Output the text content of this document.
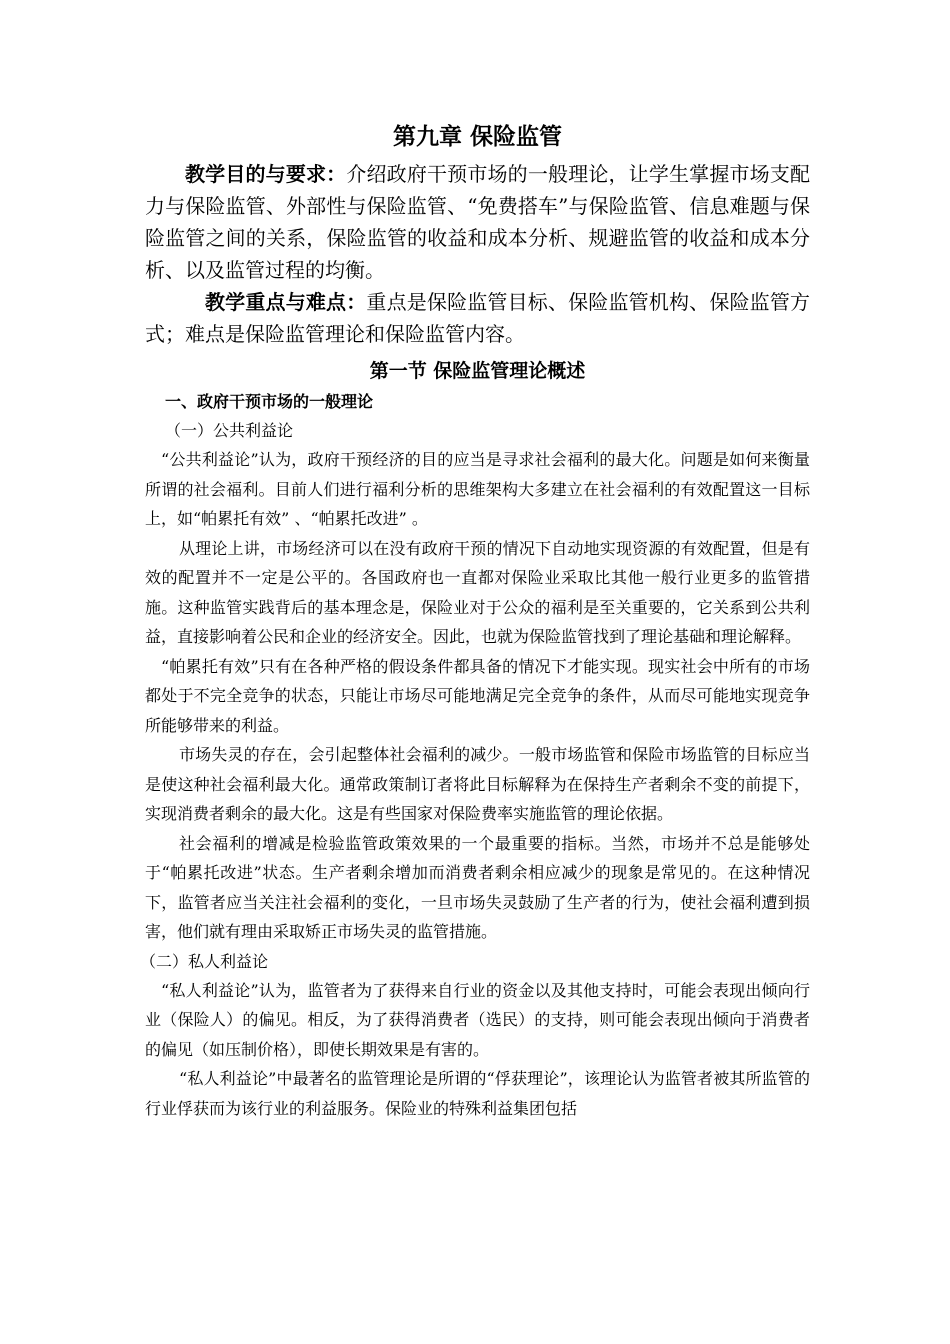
第九章 保险监管

教学目的与要求：介绍政府干预市场的一般理论，让学生掌握市场支配力与保险监管、外部性与保险监管、“免费搭车”与保险监管、信息难题与保险监管之间的关系，保险监管的收益和成本分析、规避监管的收益和成本分析、以及监管过程的均衡。

教学重点与难点：重点是保险监管目标、保险监管机构、保险监管方式；难点是保险监管理论和保险监管内容。

第一节 保险监管理论概述
一、政府干预市场的一般理论
（一）公共利益论

“公共利益论”认为，政府干预经济的目的应当是寻求社会福利的最大化。问题是如何来衡量所谓的社会福利。目前人们进行福利分析的思维架构大多建立在社会福利的有效配置这一目标上，如“帕累托有效” 、“帕累托改进” 。

从理论上讲，市场经济可以在没有政府干预的情况下自动地实现资源的有效配置，但是有效的配置并不一定是公平的。各国政府也一直都对保险业采取比其他一般行业更多的监管措施。这种监管实践背后的基本理念是，保险业对于公众的福利是至关重要的，它关系到公共利益，直接影响着公民和企业的经济安全。因此，也就为保险监管找到了理论基础和理论解释。

“帕累托有效”只有在各种严格的假设条件都具备的情况下才能实现。现实社会中所有的市场都处于不完全竞争的状态，只能让市场尽可能地满足完全竞争的条件，从而尽可能地实现竞争所能够带来的利益。

市场失灵的存在，会引起整体社会福利的减少。一般市场监管和保险市场监管的目标应当是使这种社会福利最大化。通常政策制订者将此目标解释为在保持生产者剩余不变的前提下，实现消费者剩余的最大化。这是有些国家对保险费率实施监管的理论依据。

社会福利的增减是检验监管政策效果的一个最重要的指标。当然，市场并不总是能够处于“帕累托改进”状态。生产者剩余增加而消费者剩余相应减少的现象是常见的。在这种情况下，监管者应当关注社会福利的变化，一旦市场失灵鼓励了生产者的行为，使社会福利遭到损害，他们就有理由采取矫正市场失灵的监管措施。

（二）私人利益论

“私人利益论”认为，监管者为了获得来自行业的资金以及其他支持时，可能会表现出倾向行业（保险人）的偏见。相反，为了获得消费者（选民）的支持，则可能会表现出倾向于消费者的偏见（如压制价格），即使长期效果是有害的。

“私人利益论”中最著名的监管理论是所谓的“俘获理论”，该理论认为监管者被其所监管的行业俘获而为该行业的利益服务。保险业的特殊利益集团包括
